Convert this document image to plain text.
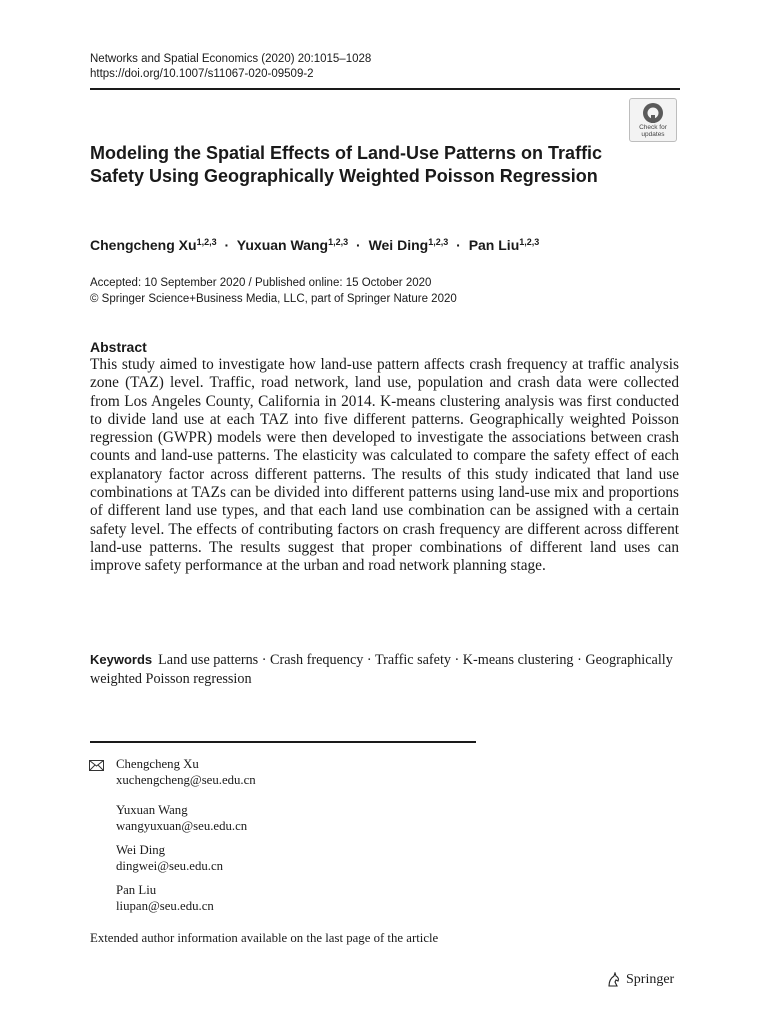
Networks and Spatial Economics (2020) 20:1015–1028
https://doi.org/10.1007/s11067-020-09509-2
Check for
updates
Modeling the Spatial Effects of Land-Use Patterns on Traffic Safety Using Geographically Weighted Poisson Regression
Chengcheng Xu$^{1,2,3}$ · Yuxuan Wang$^{1,2,3}$ · Wei Ding$^{1,2,3}$ · Pan Liu$^{1,2,3}$
Accepted: 10 September 2020 / Published online: 15 October 2020
© Springer Science+Business Media, LLC, part of Springer Nature 2020
Abstract

This study aimed to investigate how land-use pattern affects crash frequency at traffic analysis zone (TAZ) level. Traffic, road network, land use, population and crash data were collected from Los Angeles County, California in 2014. K-means clustering analysis was first conducted to divide land use at each TAZ into five different patterns. Geographically weighted Poisson regression (GWPR) models were then developed to investigate the associations between crash counts and land-use patterns. The elasticity was calculated to compare the safety effect of each explanatory factor across different patterns. The results of this study indicated that land use combinations at TAZs can be divided into different patterns using land-use mix and proportions of different land use types, and that each land use combination can be assigned with a certain safety level. The effects of contributing factors on crash frequency are different across different land-use patterns. The results suggest that proper combinations of different land uses can improve safety performance at the urban and road network planning stage.

Keywords Land use patterns · Crash frequency · Traffic safety · K-means clustering · Geographically weighted Poisson regression
Chengcheng Xu
xuchengcheng@seu.edu.cn
Yuxuan Wang
wangyuxuan@seu.edu.cn
Wei Ding
dingwei@seu.edu.cn
Pan Liu
liupan@seu.edu.cn
Extended author information available on the last page of the article
Springer
